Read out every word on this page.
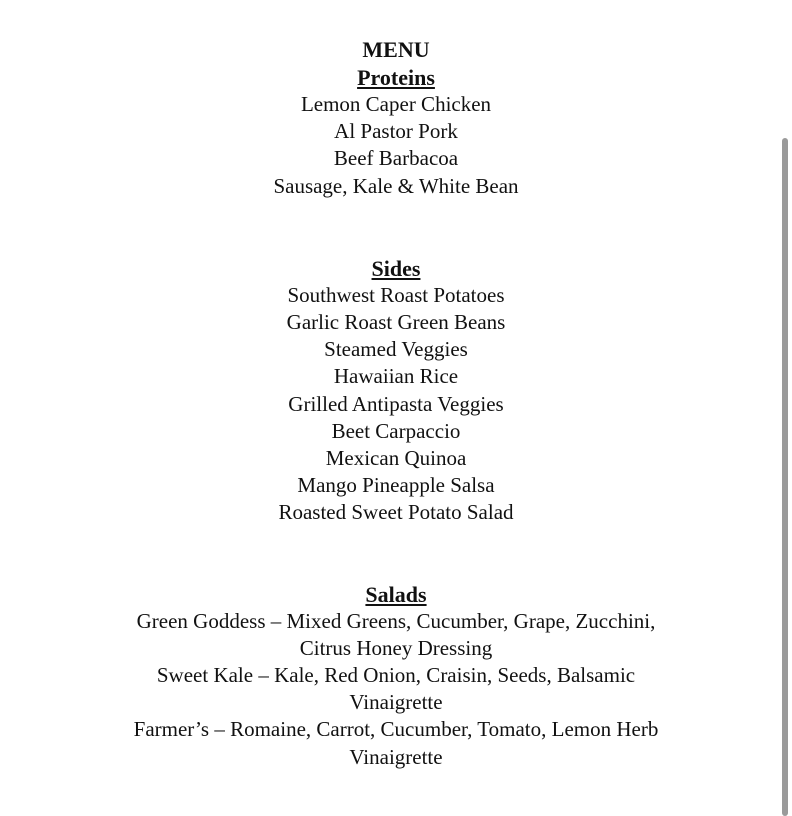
MENU

Proteins

Lemon Caper Chicken

Al Pastor Pork

Beef Barbacoa

Sausage, Kale & White Bean

Sides

Southwest Roast Potatoes

Garlic Roast Green Beans

Steamed Veggies

Hawaiian Rice

Grilled Antipasta Veggies

Beet Carpaccio

Mexican Quinoa

Mango Pineapple Salsa

Roasted Sweet Potato Salad

Salads

Green Goddess – Mixed Greens, Cucumber, Grape, Zucchini,

Citrus Honey Dressing

Sweet Kale – Kale, Red Onion, Craisin, Seeds, Balsamic

Vinaigrette

Farmer’s – Romaine, Carrot, Cucumber, Tomato, Lemon Herb

Vinaigrette
